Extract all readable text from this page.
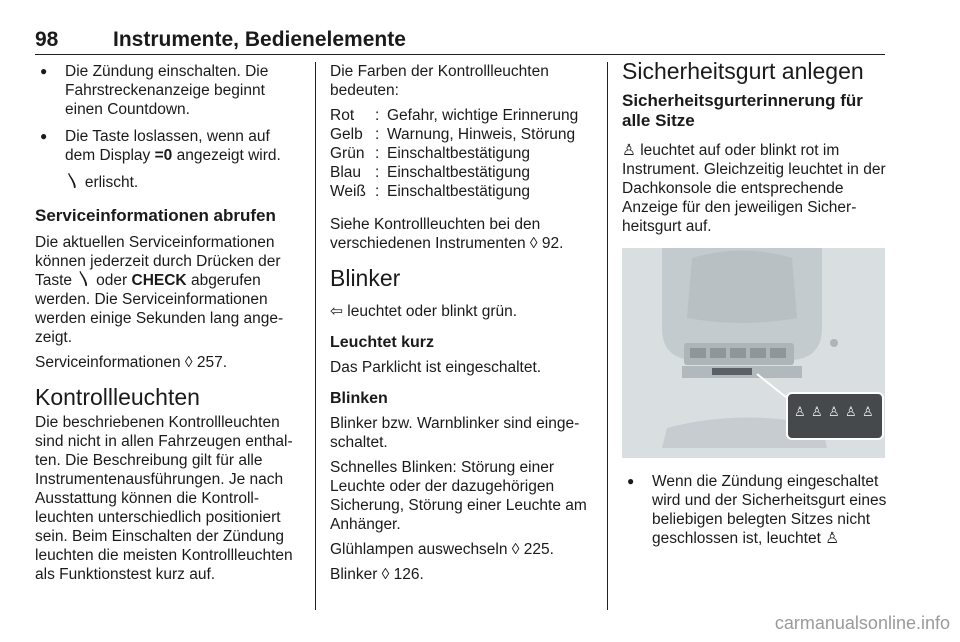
98	Instrumente, Bedienelemente
● Die Zündung einschalten. Die Fahrstreckenanzeige beginnt einen Countdown.
● Die Taste loslassen, wenn auf dem Display =0 angezeigt wird.
〵 erlischt.
Serviceinformationen abrufen

Die aktuellen Serviceinformationen können jederzeit durch Drücken der Taste 〵 oder CHECK abgerufen werden. Die Serviceinformationen werden einige Sekunden lang angezeigt.

Serviceinformationen ◊ 257.

Kontrollleuchten

Die beschriebenen Kontrollleuchten sind nicht in allen Fahrzeugen enthalten. Die Beschreibung gilt für alle Instrumentenausführungen. Je nach Ausstattung können die Kontrollleuchten unterschiedlich positioniert sein. Beim Einschalten der Zündung leuchten die meisten Kontrollleuchten als Funktionstest kurz auf.

Die Farben der Kontrollleuchten bedeuten:

Rot	:	Gefahr, wichtige Erinnerung
Gelb	:	Warnung, Hinweis, Störung
Grün	:	Einschaltbestätigung
Blau	:	Einschaltbestätigung
Weiß	:	Einschaltbestätigung

Siehe Kontrollleuchten bei den verschiedenen Instrumenten ◊ 92.

Blinker

⇦ leuchtet oder blinkt grün.

Leuchtet kurz

Das Parklicht ist eingeschaltet.

Blinken

Blinker bzw. Warnblinker sind eingeschaltet.

Schnelles Blinken: Störung einer Leuchte oder der dazugehörigen Sicherung, Störung einer Leuchte am Anhänger.

Glühlampen auswechseln ◊ 225.

Blinker ◊ 126.

Sicherheitsgurt anlegen
Sicherheitsgurterinnerung für alle Sitze

♙ leuchtet auf oder blinkt rot im Instrument. Gleichzeitig leuchtet in der Dachkonsole die entsprechende Anzeige für den jeweiligen Sicherheitsgurt auf.

♙ ♙ ♙ ♙ ♙
● Wenn die Zündung eingeschaltet wird und der Sicherheitsgurt eines beliebigen belegten Sitzes nicht geschlossen ist, leuchtet ♙
carmanualsonline.info
